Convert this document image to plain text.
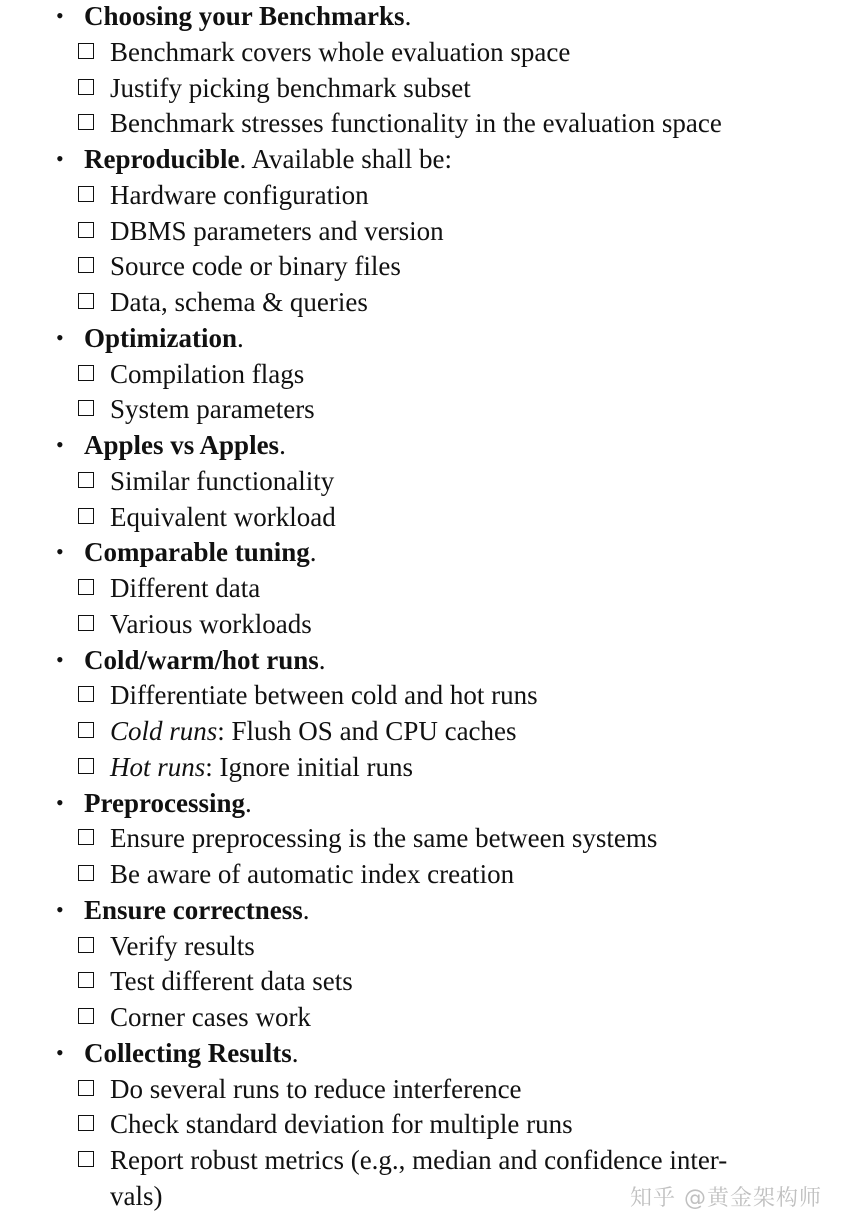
• Choosing your Benchmarks.
Benchmark covers whole evaluation space
Justify picking benchmark subset
Benchmark stresses functionality in the evaluation space
• Reproducible. Available shall be:
Hardware configuration
DBMS parameters and version
Source code or binary files
Data, schema & queries
• Optimization.
Compilation flags
System parameters
• Apples vs Apples.
Similar functionality
Equivalent workload
• Comparable tuning.
Different data
Various workloads
• Cold/warm/hot runs.
Differentiate between cold and hot runs
Cold runs: Flush OS and CPU caches
Hot runs: Ignore initial runs
• Preprocessing.
Ensure preprocessing is the same between systems
Be aware of automatic index creation
• Ensure correctness.
Verify results
Test different data sets
Corner cases work
• Collecting Results.
Do several runs to reduce interference
Check standard deviation for multiple runs
Report robust metrics (e.g., median and confidence inter-
vals)	知乎 @黄金架构师
